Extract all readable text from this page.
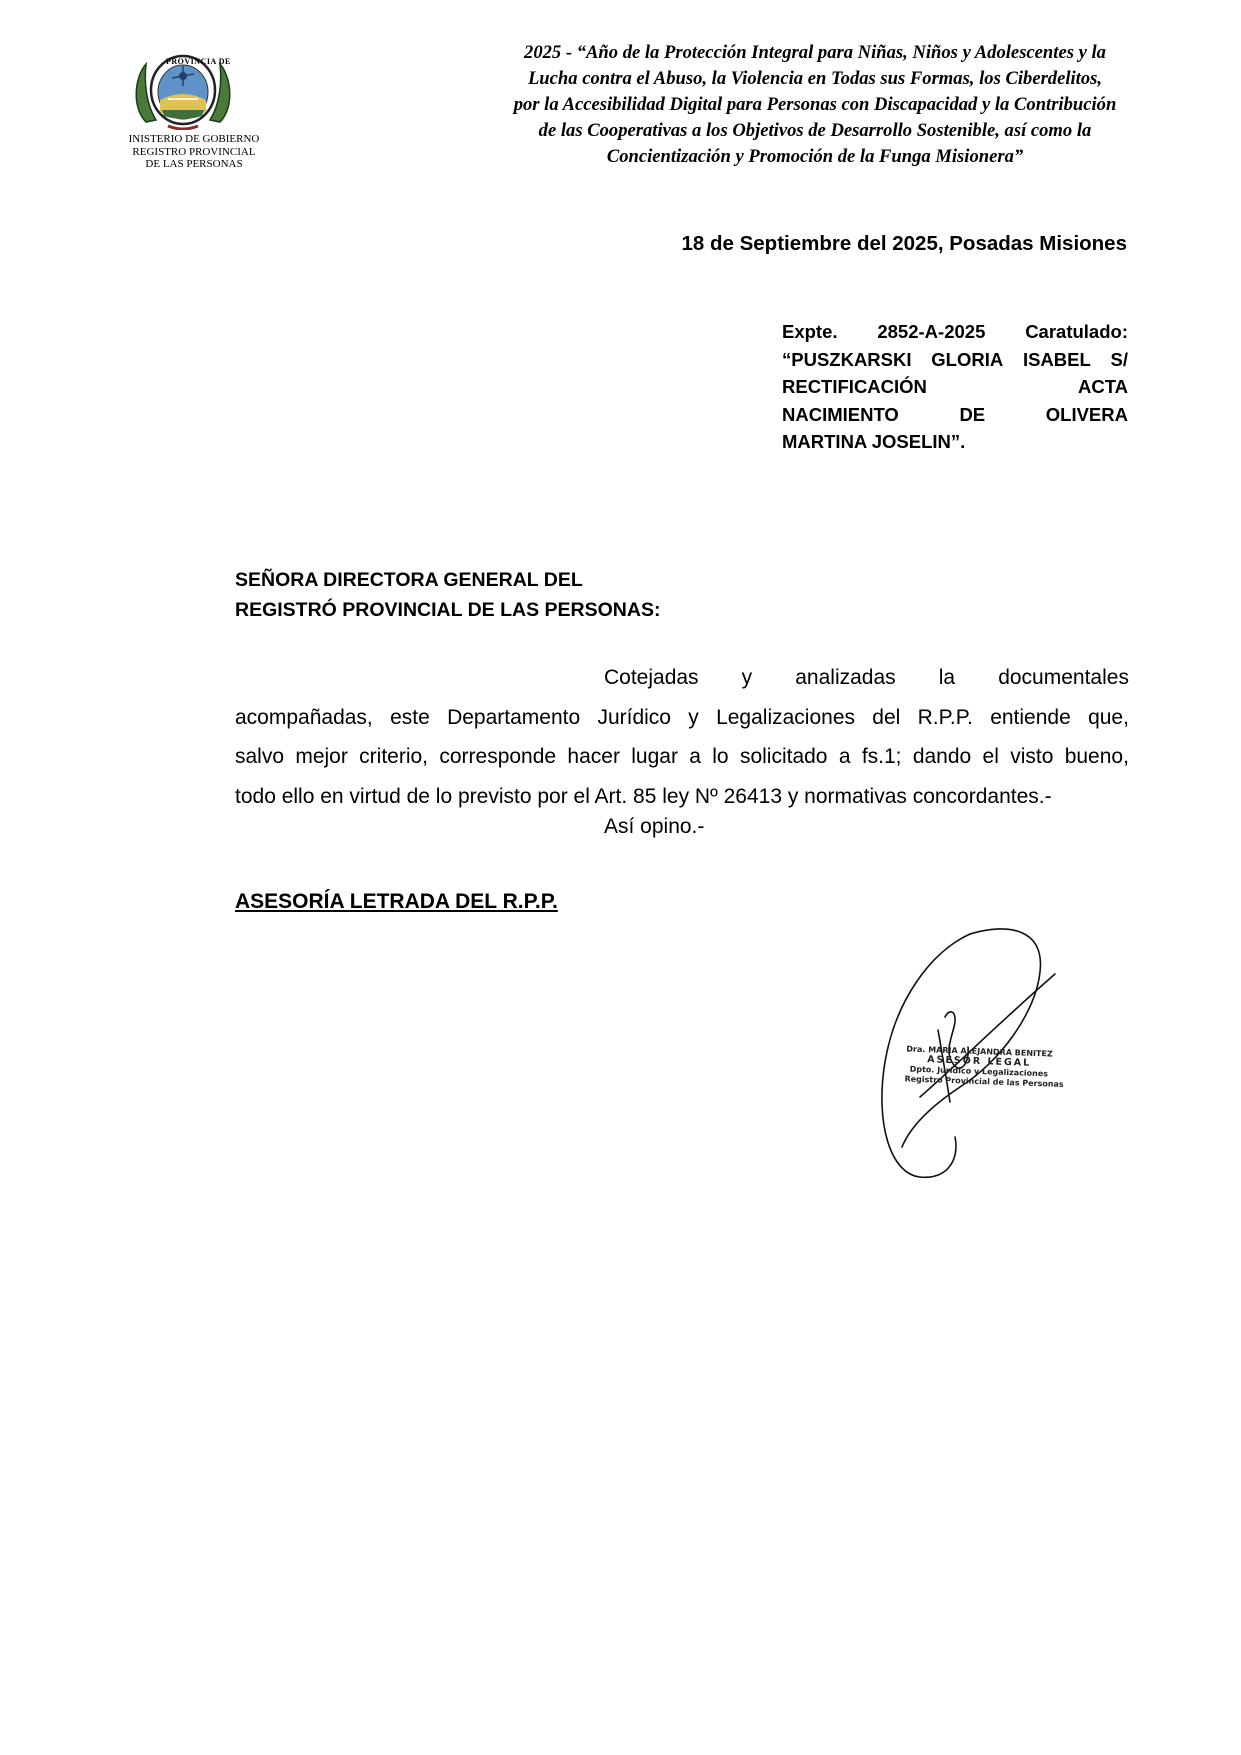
PROVINCIA DE
INISTERIO DE GOBIERNO
REGISTRO PROVINCIAL
DE LAS PERSONAS
2025 - “Año de la Protección Integral para Niñas, Niños y Adolescentes y la
Lucha contra el Abuso, la Violencia en Todas sus Formas, los Ciberdelitos,
por la Accesibilidad Digital para Personas con Discapacidad y la Contribución
de las Cooperativas a los Objetivos de Desarrollo Sostenible, así como la
Concientización y Promoción de la Funga Misionera”
18 de Septiembre del 2025, Posadas Misiones
Expte. 2852-A-2025 Caratulado:
“PUSZKARSKI GLORIA ISABEL S/
RECTIFICACIÓN	ACTA
NACIMIENTO	DE	OLIVERA
MARTINA JOSELIN”.
SEÑORA DIRECTORA GENERAL DEL
REGISTRÓ PROVINCIAL DE LAS PERSONAS:
Cotejadas y analizadas la documentales
acompañadas, este Departamento Jurídico y Legalizaciones del R.P.P. entiende que,
salvo mejor criterio, corresponde hacer lugar a lo solicitado a fs.1; dando el visto bueno,
todo ello en virtud de lo previsto por el Art. 85 ley Nº 26413 y normativas concordantes.-
Así opino.-
ASESORÍA LETRADA DEL R.P.P.
Dra. MARIA ALEJANDRA BENITEZ
ASESOR LEGAL
Dpto. Jurídico y Legalizaciones
Registro Provincial de las Personas
